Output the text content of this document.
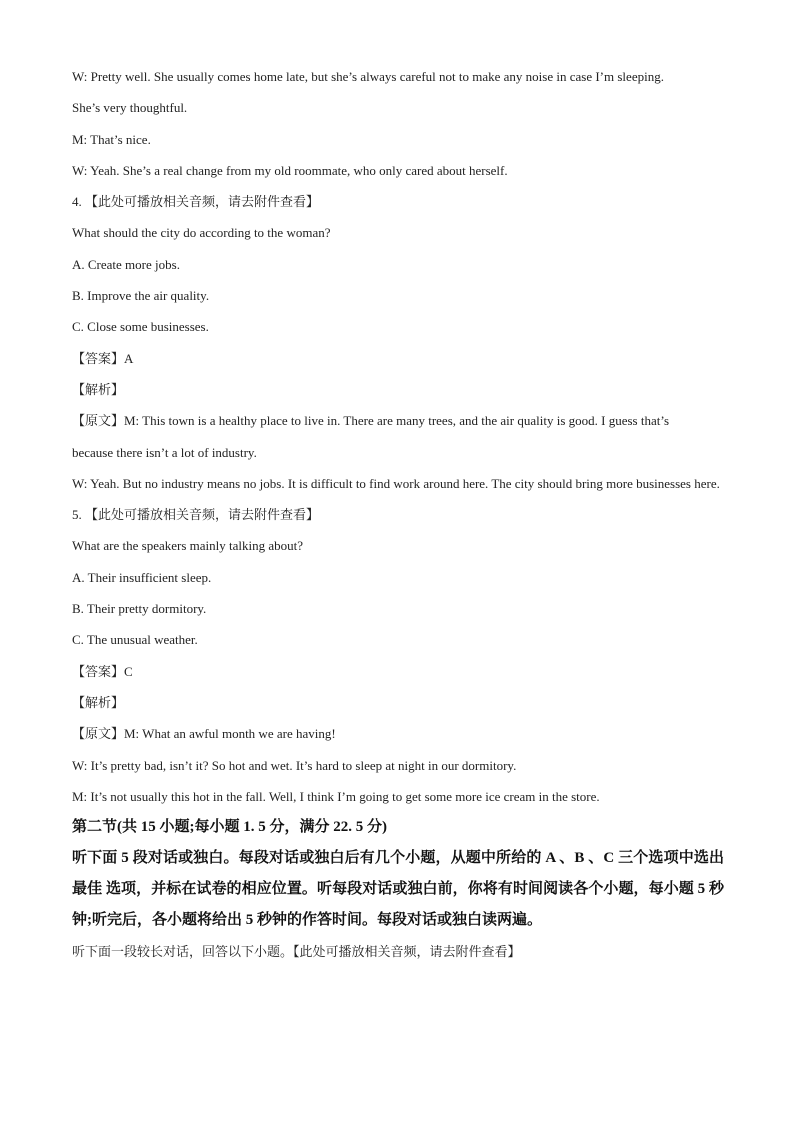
W: Pretty well. She usually comes home late, but she’s always careful not to make any noise in case I’m sleeping.

She’s very thoughtful.

M: That’s nice.

W: Yeah. She’s a real change from my old roommate, who only cared about herself.

4. 【此处可播放相关音频，请去附件查看】

What should the city do according to the woman?

A. Create more jobs.

B. Improve the air quality.

C. Close some businesses.

【答案】A

【解析】

【原文】M: This town is a healthy place to live in. There are many trees, and the air quality is good. I guess that’s

because there isn’t a lot of industry.

W: Yeah. But no industry means no jobs. It is difficult to find work around here. The city should bring more businesses here.

5. 【此处可播放相关音频，请去附件查看】

What are the speakers mainly talking about?

A. Their insufficient sleep.

B. Their pretty dormitory.

C. The unusual weather.

【答案】C

【解析】

【原文】M: What an awful month we are having!

W: It’s pretty bad, isn’t it? So hot and wet. It’s hard to sleep at night in our dormitory.

M: It’s not usually this hot in the fall. Well, I think I’m going to get some more ice cream in the store.

第二节(共 15 小题;每小题 1. 5 分，满分 22. 5 分)

听下面 5 段对话或独白。每段对话或独白后有几个小题，从题中所给的 A 、B 、C 三个选项中选出最佳 选项，并标在试卷的相应位置。听每段对话或独白前，你将有时间阅读各个小题，每小题 5 秒钟;听完后，各小题将给出 5 秒钟的作答时间。每段对话或独白读两遍。

听下面一段较长对话，回答以下小题。【此处可播放相关音频，请去附件查看】
